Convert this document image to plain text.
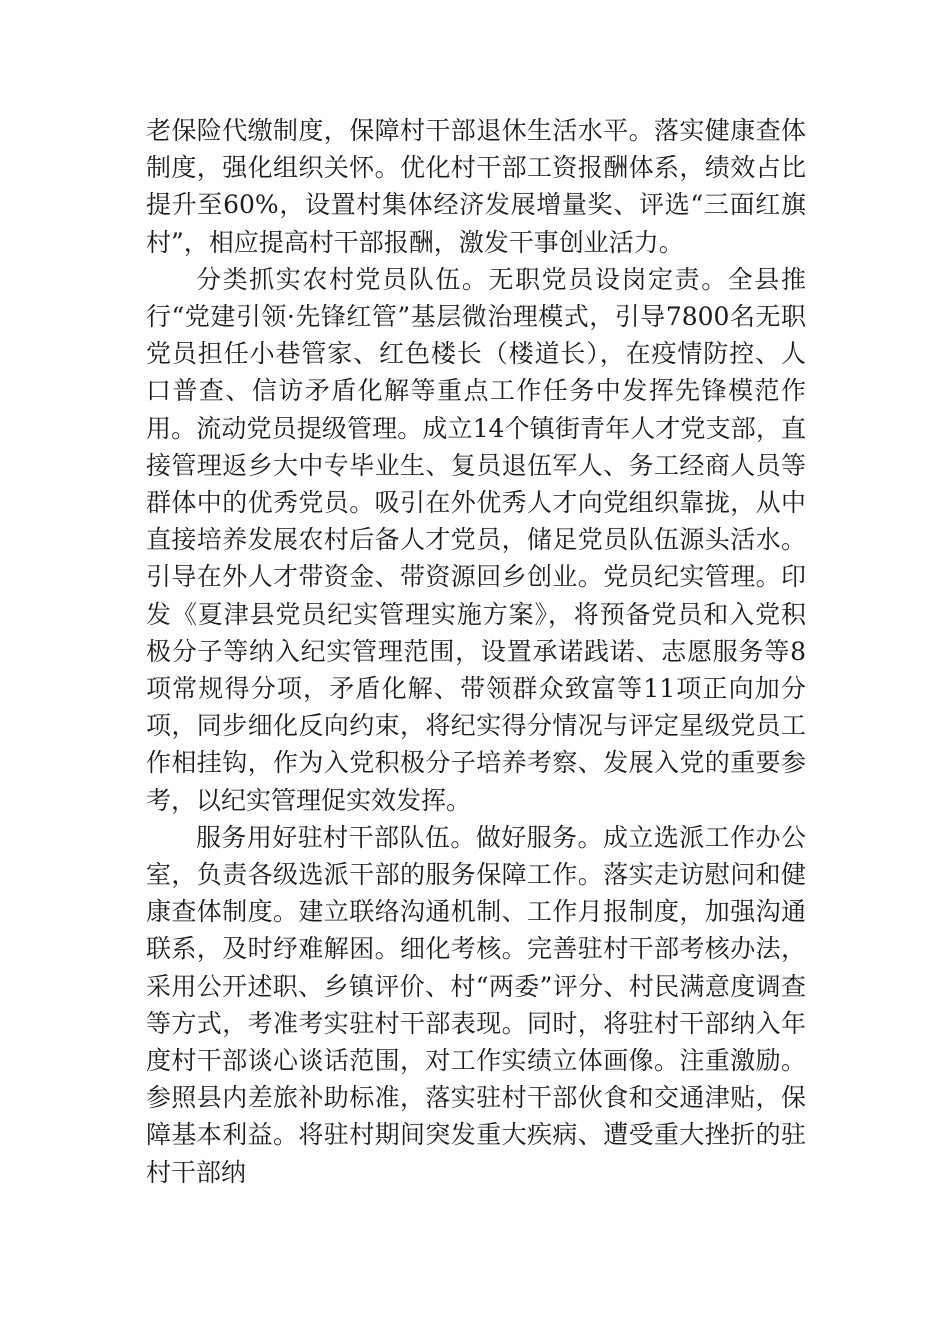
老保险代缴制度，保障村干部退休生活水平。落实健康查体制度，强化组织关怀。优化村干部工资报酬体系，绩效占比提升至60%，设置村集体经济发展增量奖、评选“三面红旗村”，相应提高村干部报酬，激发干事创业活力。

分类抓实农村党员队伍。无职党员设岗定责。全县推行“党建引领·先锋红管”基层微治理模式，引导7800名无职党员担任小巷管家、红色楼长（楼道长），在疫情防控、人口普查、信访矛盾化解等重点工作任务中发挥先锋模范作用。流动党员提级管理。成立14个镇街青年人才党支部，直接管理返乡大中专毕业生、复员退伍军人、务工经商人员等群体中的优秀党员。吸引在外优秀人才向党组织靠拢，从中直接培养发展农村后备人才党员，储足党员队伍源头活水。引导在外人才带资金、带资源回乡创业。党员纪实管理。印发《夏津县党员纪实管理实施方案》，将预备党员和入党积极分子等纳入纪实管理范围，设置承诺践诺、志愿服务等8项常规得分项，矛盾化解、带领群众致富等11项正向加分项，同步细化反向约束，将纪实得分情况与评定星级党员工作相挂钩，作为入党积极分子培养考察、发展入党的重要参考，以纪实管理促实效发挥。

服务用好驻村干部队伍。做好服务。成立选派工作办公室，负责各级选派干部的服务保障工作。落实走访慰问和健康查体制度。建立联络沟通机制、工作月报制度，加强沟通联系，及时纾难解困。细化考核。完善驻村干部考核办法，采用公开述职、乡镇评价、村“两委”评分、村民满意度调查等方式，考准考实驻村干部表现。同时，将驻村干部纳入年度村干部谈心谈话范围，对工作实绩立体画像。注重激励。参照县内差旅补助标准，落实驻村干部伙食和交通津贴，保障基本利益。将驻村期间突发重大疾病、遭受重大挫折的驻村干部纳
